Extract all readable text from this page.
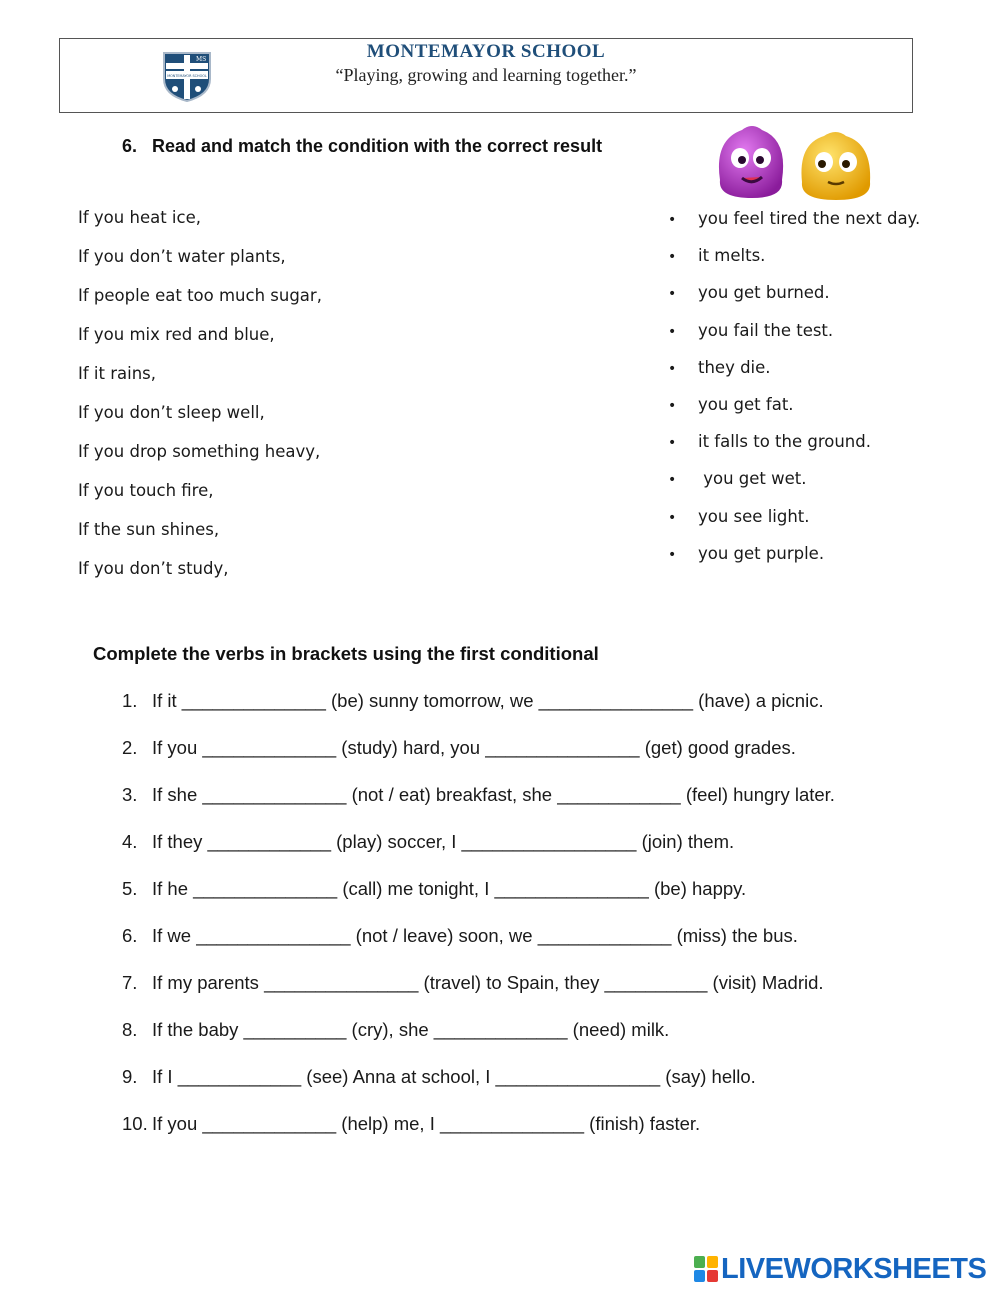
MONTEMAYOR SCHOOL
MS	MONTEMAYOR SCHOOL
“Playing, growing and learning together.”
6. Read and match the condition with the correct result
If you heat ice,
If you don’t water plants,
If people eat too much sugar,
If you mix red and blue,
If it rains,
If you don’t sleep well,
If you drop something heavy,
If you touch fire,
If the sun shines,
If you don’t study,
• you feel tired the next day.
• it melts.
• you get burned.
• you fail the test.
• they die.
• you get fat.
• it falls to the ground.
• you get wet.
• you see light.
• you get purple.
Complete the verbs in brackets using the first conditional
1. If it ______________ (be) sunny tomorrow, we _______________ (have) a picnic.
2. If you _____________ (study) hard, you _______________ (get) good grades.
3. If she ______________ (not / eat) breakfast, she ____________ (feel) hungry later.
4. If they ____________ (play) soccer, I _________________ (join) them.
5. If he ______________ (call) me tonight, I _______________ (be) happy.
6. If we _______________ (not / leave) soon, we _____________ (miss) the bus.
7. If my parents _______________ (travel) to Spain, they __________ (visit) Madrid.
8. If the baby __________ (cry), she _____________ (need) milk.
9. If I ____________ (see) Anna at school, I ________________ (say) hello.
10. If you _____________ (help) me, I ______________ (finish) faster.
LIVEWORKSHEETS
